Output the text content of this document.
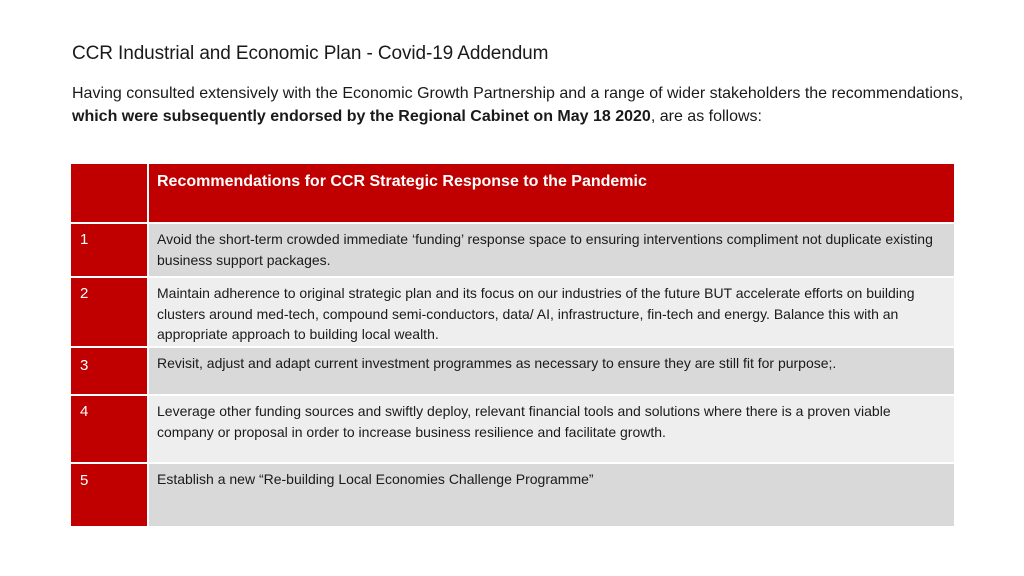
CCR Industrial and Economic Plan - Covid-19 Addendum

Having consulted extensively with the Economic Growth Partnership and a range of wider stakeholders the recommendations, which were subsequently endorsed by the Regional Cabinet on May 18 2020, are as follows:

	Recommendations for CCR Strategic Response to the Pandemic
1	Avoid the short-term crowded immediate ‘funding’ response space to ensuring interventions compliment not duplicate existing business support packages.
2	Maintain adherence to original strategic plan and its focus on our industries of the future BUT accelerate efforts on building clusters around med-tech, compound semi-conductors, data/ AI, infrastructure, fin-tech and energy. Balance this with an appropriate approach to building local wealth.
3	Revisit, adjust and adapt current investment programmes as necessary to ensure they are still fit for purpose;.
4	Leverage other funding sources and swiftly deploy, relevant financial tools and solutions where there is a proven viable company or proposal in order to increase business resilience and facilitate growth.
5	Establish a new “Re-building Local Economies Challenge Programme”
